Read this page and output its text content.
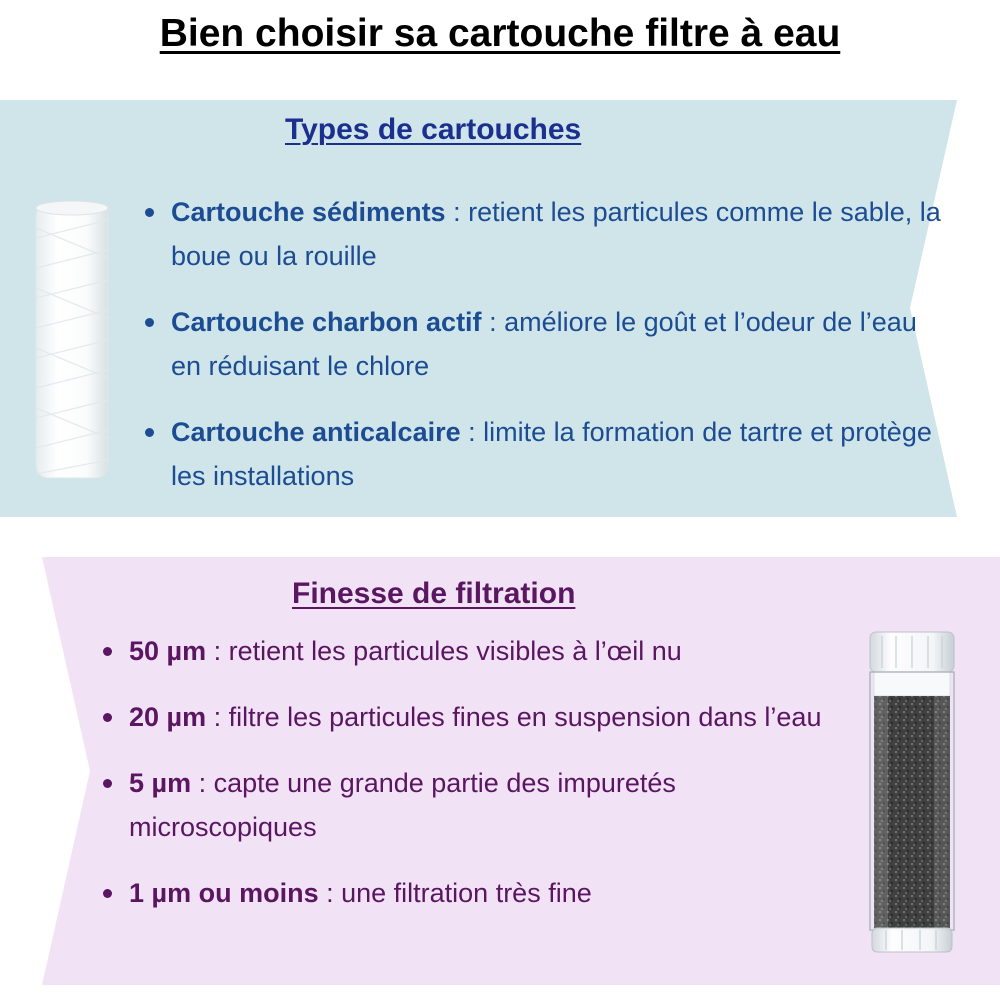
Bien choisir sa cartouche filtre à eau
Types de cartouches
Cartouche sédiments : retient les particules comme le sable, la boue ou la rouille
Cartouche charbon actif : améliore le goût et l’odeur de l’eau en réduisant le chlore
Cartouche anticalcaire : limite la formation de tartre et protège les installations
Finesse de filtration
50 µm : retient les particules visibles à l’œil nu
20 µm : filtre les particules fines en suspension dans l’eau
5 µm : capte une grande partie des impuretés microscopiques
1 µm ou moins : une filtration très fine
